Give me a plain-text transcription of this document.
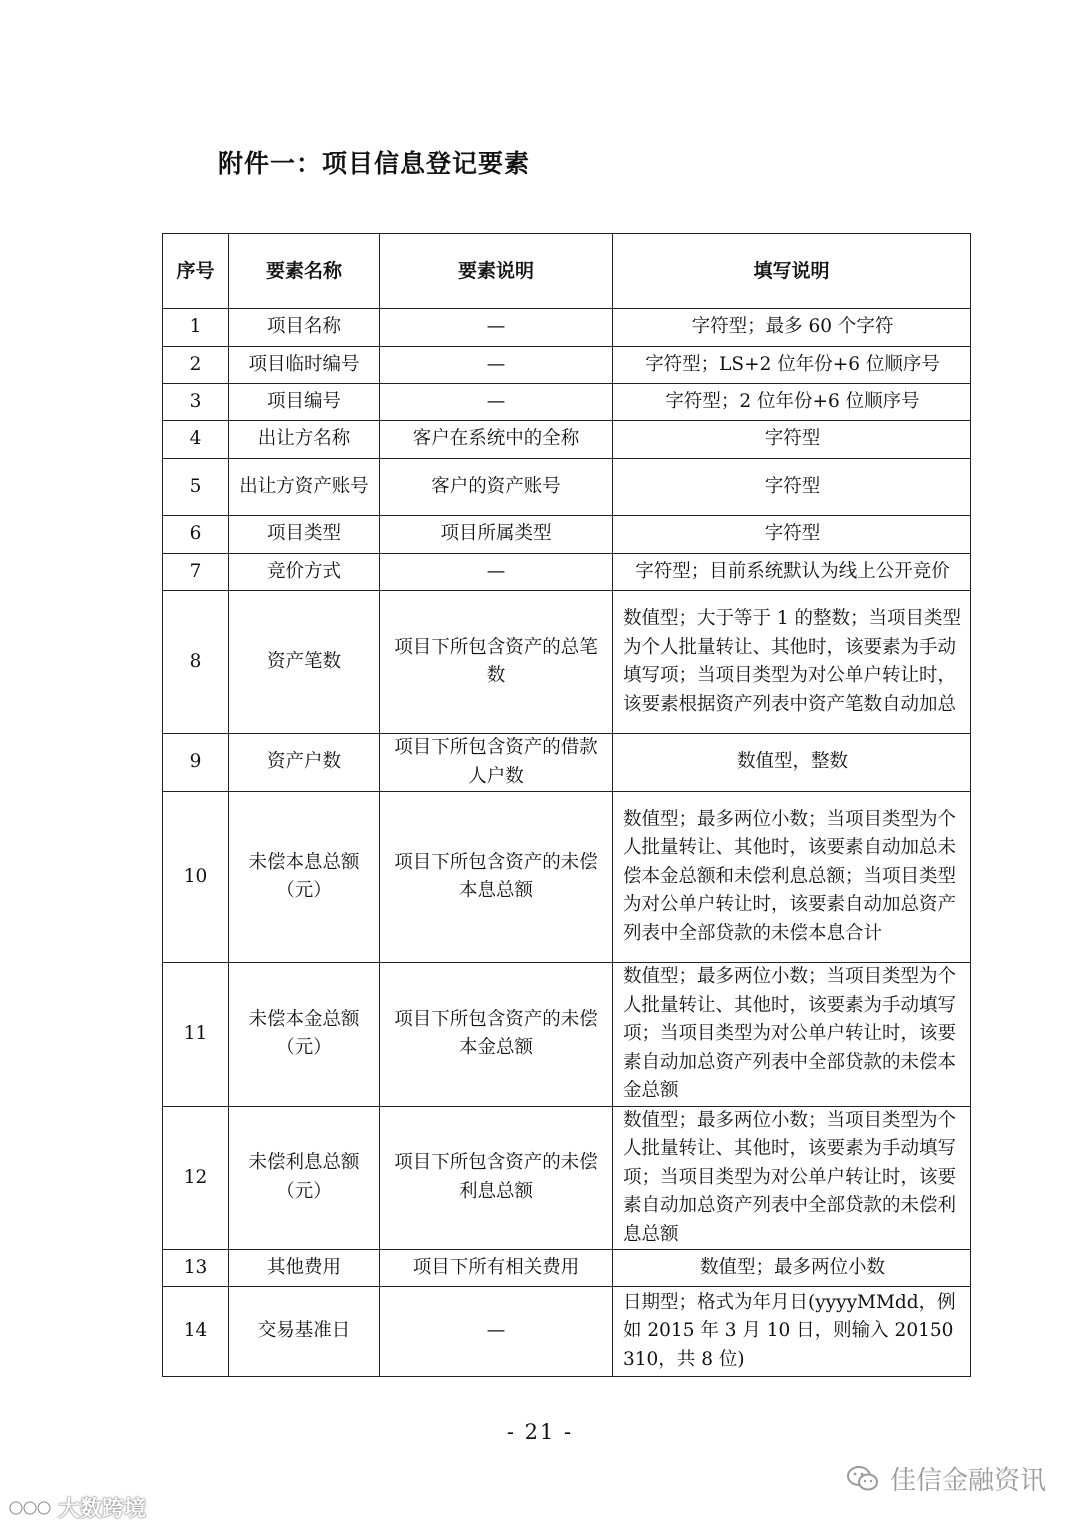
附件一：项目信息登记要素
序号	要素名称	要素说明	填写说明
1	项目名称	—	字符型；最多 60 个字符
2	项目临时编号	—	字符型；LS+2 位年份+6 位顺序号
3	项目编号	—	字符型；2 位年份+6 位顺序号
4	出让方名称	客户在系统中的全称	字符型
5	出让方资产账号	客户的资产账号	字符型
6	项目类型	项目所属类型	字符型
7	竞价方式	—	字符型；目前系统默认为线上公开竞价
8	资产笔数	项目下所包含资产的总笔数	数值型；大于等于 1 的整数；当项目类型为个人批量转让、其他时，该要素为手动填写项；当项目类型为对公单户转让时，该要素根据资产列表中资产笔数自动加总
9	资产户数	项目下所包含资产的借款人户数	数值型，整数
10	未偿本息总额（元）	项目下所包含资产的未偿本息总额	数值型；最多两位小数；当项目类型为个人批量转让、其他时，该要素自动加总未偿本金总额和未偿利息总额；当项目类型为对公单户转让时，该要素自动加总资产列表中全部贷款的未偿本息合计
11	未偿本金总额（元）	项目下所包含资产的未偿本金总额	数值型；最多两位小数；当项目类型为个人批量转让、其他时，该要素为手动填写项；当项目类型为对公单户转让时，该要素自动加总资产列表中全部贷款的未偿本金总额
12	未偿利息总额（元）	项目下所包含资产的未偿利息总额	数值型；最多两位小数；当项目类型为个人批量转让、其他时，该要素为手动填写项；当项目类型为对公单户转让时，该要素自动加总资产列表中全部贷款的未偿利息总额
13	其他费用	项目下所有相关费用	数值型；最多两位小数
14	交易基准日	—	日期型；格式为年月日(yyyyMMdd，例如 2015 年 3 月 10 日，则输入 20150310，共 8 位)
- 21 -
佳信金融资讯
大数跨境
